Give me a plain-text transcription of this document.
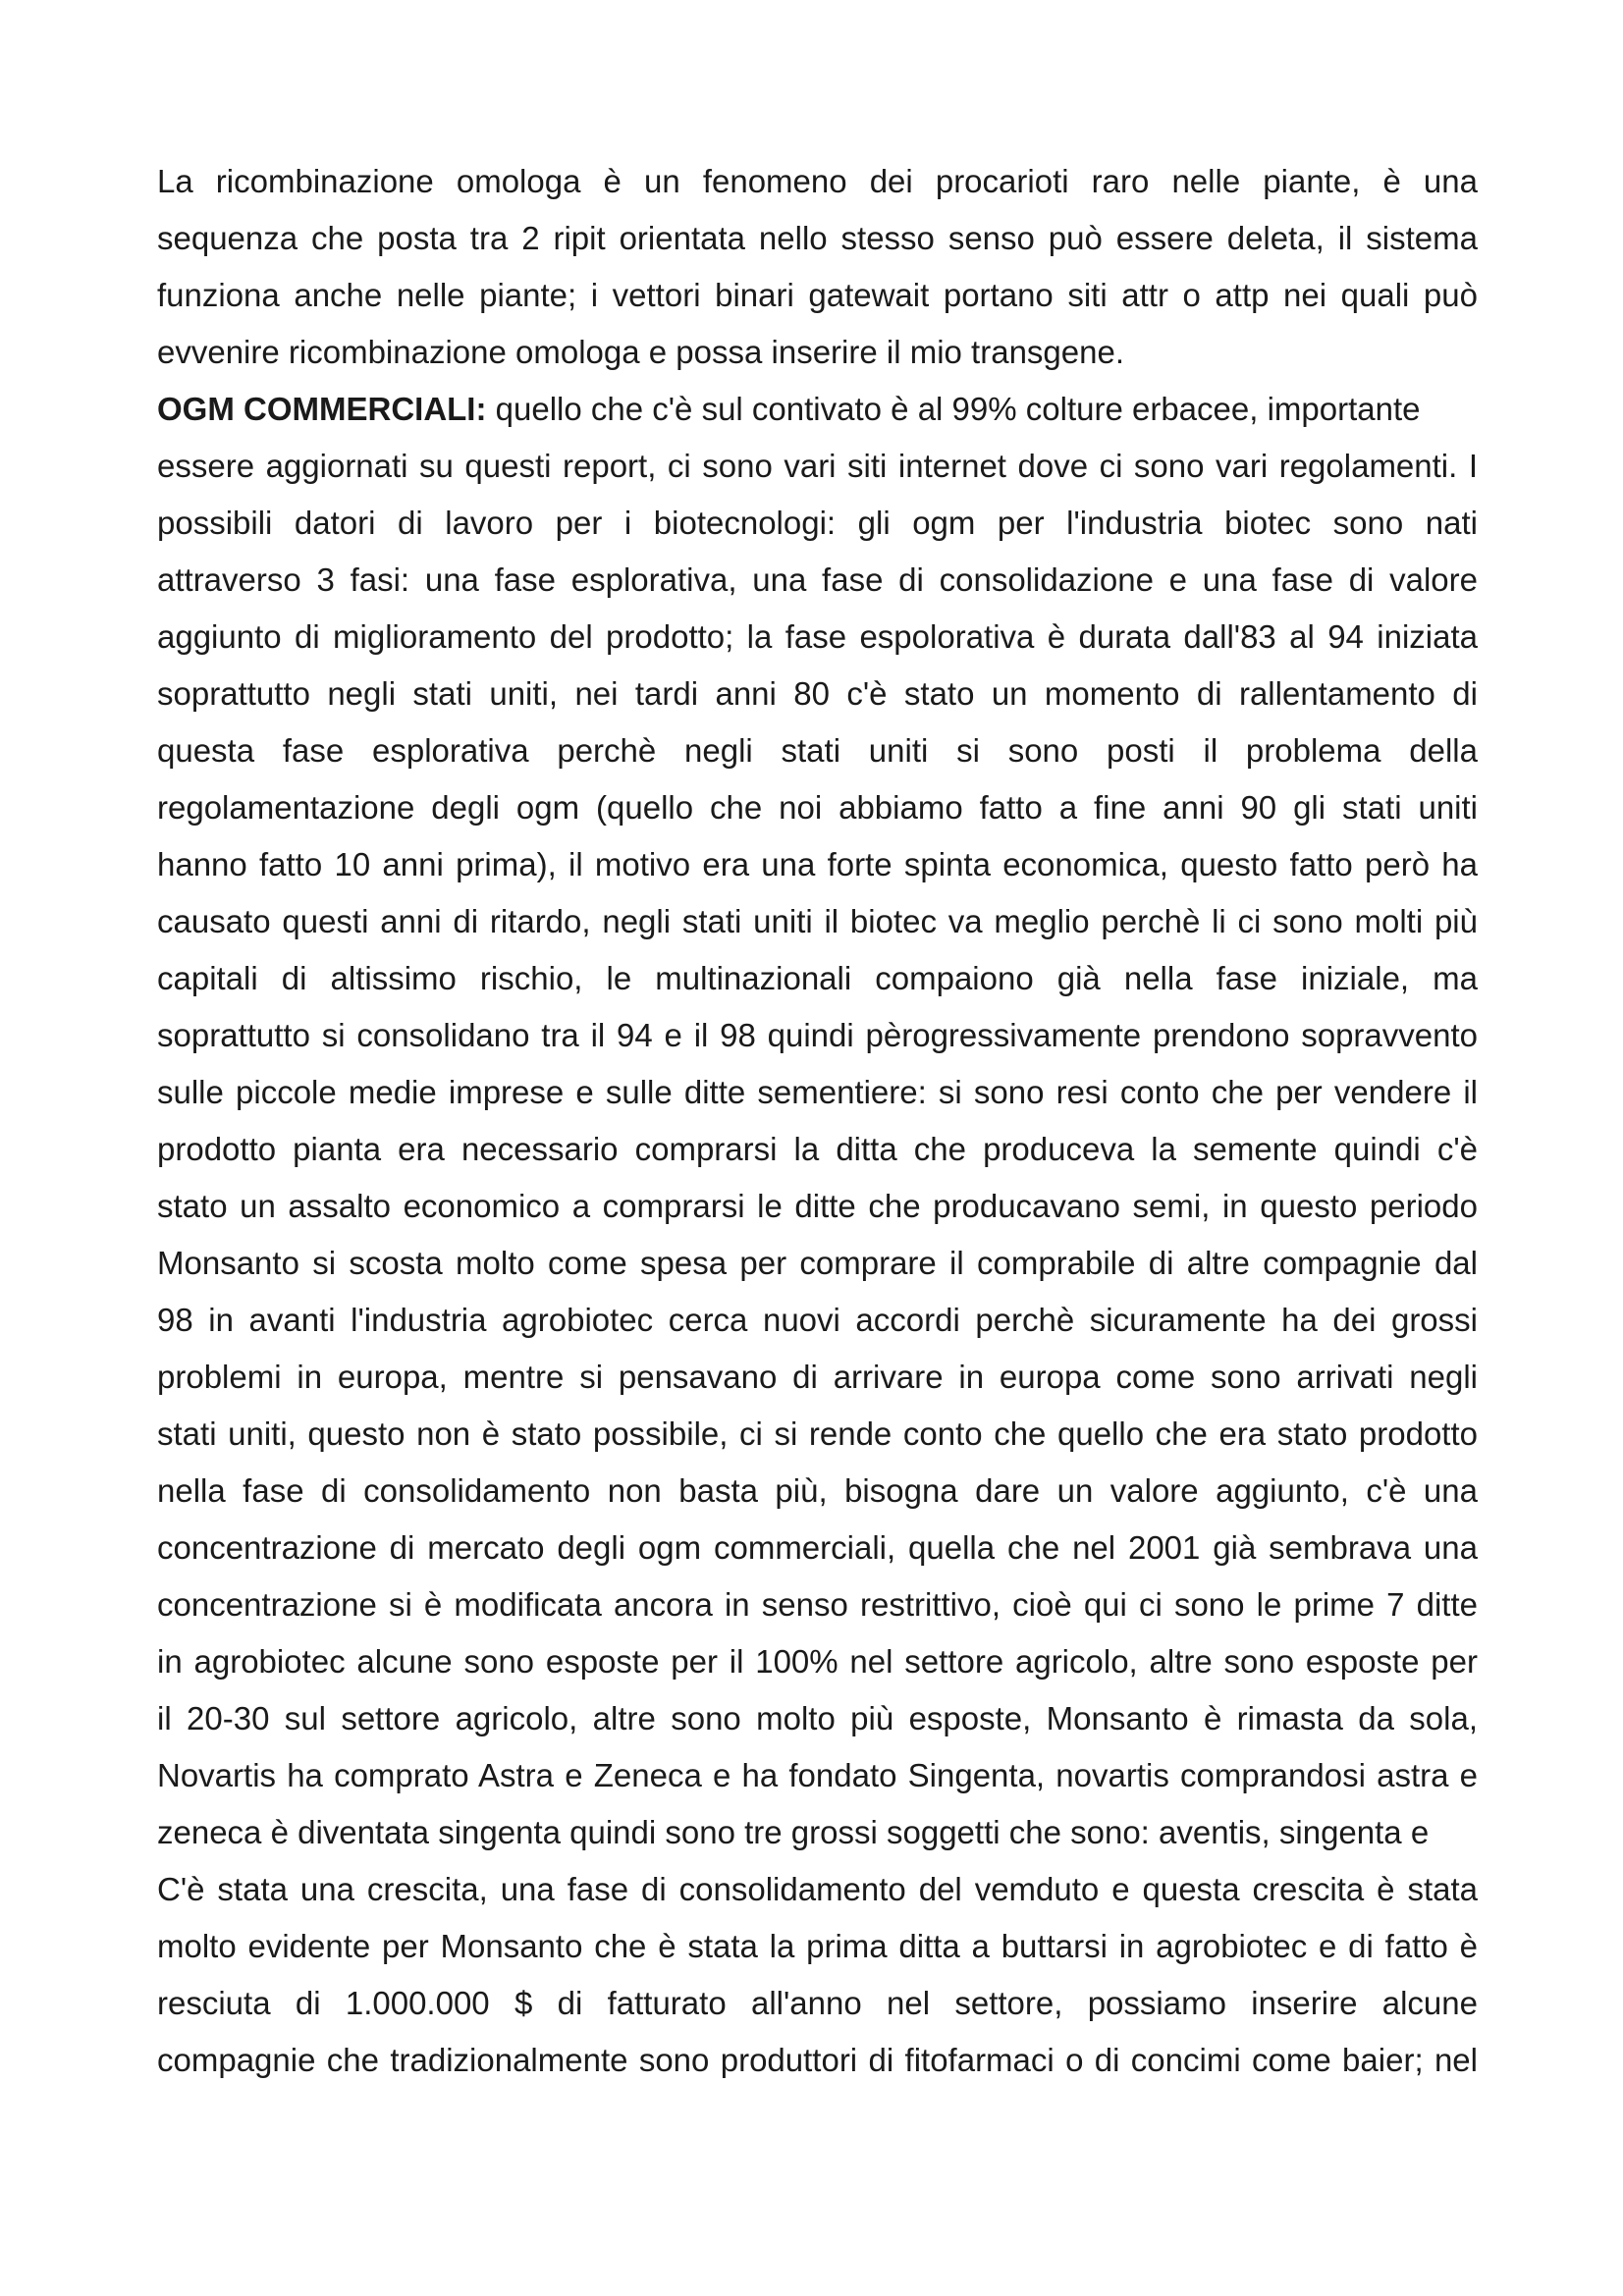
La ricombinazione omologa è un fenomeno dei procarioti raro nelle piante, è una
sequenza che posta tra 2 ripit orientata nello stesso senso può essere deleta, il sistema
funziona anche nelle piante; i vettori binari gatewait portano siti attr o attp nei quali può
evvenire ricombinazione omologa e possa inserire il mio transgene.
OGM COMMERCIALI: quello che c'è sul contivato è al 99% colture erbacee, importante
essere aggiornati su questi report, ci sono vari siti internet dove ci sono vari regolamenti. I
possibili datori di lavoro per i biotecnologi: gli ogm per l'industria biotec sono nati
attraverso 3 fasi: una fase esplorativa, una fase di consolidazione e una fase di valore
aggiunto di miglioramento del prodotto; la fase espolorativa è durata dall'83 al 94 iniziata
soprattutto negli stati uniti, nei tardi anni 80 c'è stato un momento di rallentamento di
questa fase esplorativa perchè negli stati uniti si sono posti il problema della
regolamentazione degli ogm (quello che noi abbiamo fatto a fine anni 90 gli stati uniti
hanno fatto 10 anni prima), il motivo era una forte spinta economica, questo fatto però ha
causato questi anni di ritardo, negli stati uniti il biotec va meglio perchè li ci sono molti più
capitali di altissimo rischio, le multinazionali compaiono già nella fase iniziale, ma
soprattutto si consolidano tra il 94 e il 98 quindi pèrogressivamente prendono sopravvento
sulle piccole medie imprese e sulle ditte sementiere: si sono resi conto che per vendere il
prodotto pianta era necessario comprarsi la ditta che produceva la semente quindi c'è
stato un assalto economico a comprarsi le ditte che producavano semi, in questo periodo
Monsanto si scosta molto come spesa per comprare il comprabile di altre compagnie dal
98 in avanti l'industria agrobiotec cerca nuovi accordi perchè sicuramente ha dei grossi
problemi in europa, mentre si pensavano di arrivare in europa come sono arrivati negli
stati uniti, questo non è stato possibile, ci si rende conto che quello che era stato prodotto
nella fase di consolidamento non basta più, bisogna dare un valore aggiunto, c'è una
concentrazione di mercato degli ogm commerciali, quella che nel 2001 già sembrava una
concentrazione si è modificata ancora in senso restrittivo, cioè qui ci sono le prime 7 ditte
in agrobiotec alcune sono esposte per il 100% nel settore agricolo, altre sono esposte per
il 20-30 sul settore agricolo, altre sono molto più esposte, Monsanto è rimasta da sola,
Novartis ha comprato Astra e Zeneca e ha fondato Singenta, novartis comprandosi astra e
zeneca è diventata singenta quindi sono tre grossi soggetti che sono: aventis, singenta e
C'è stata una crescita, una fase di consolidamento del vemduto e questa crescita è stata
molto evidente per Monsanto che è stata la prima ditta a buttarsi in agrobiotec e di fatto è
resciuta di 1.000.000 $ di fatturato all'anno nel settore, possiamo inserire alcune
compagnie che tradizionalmente sono produttori di fitofarmaci o di concimi come baier; nel
